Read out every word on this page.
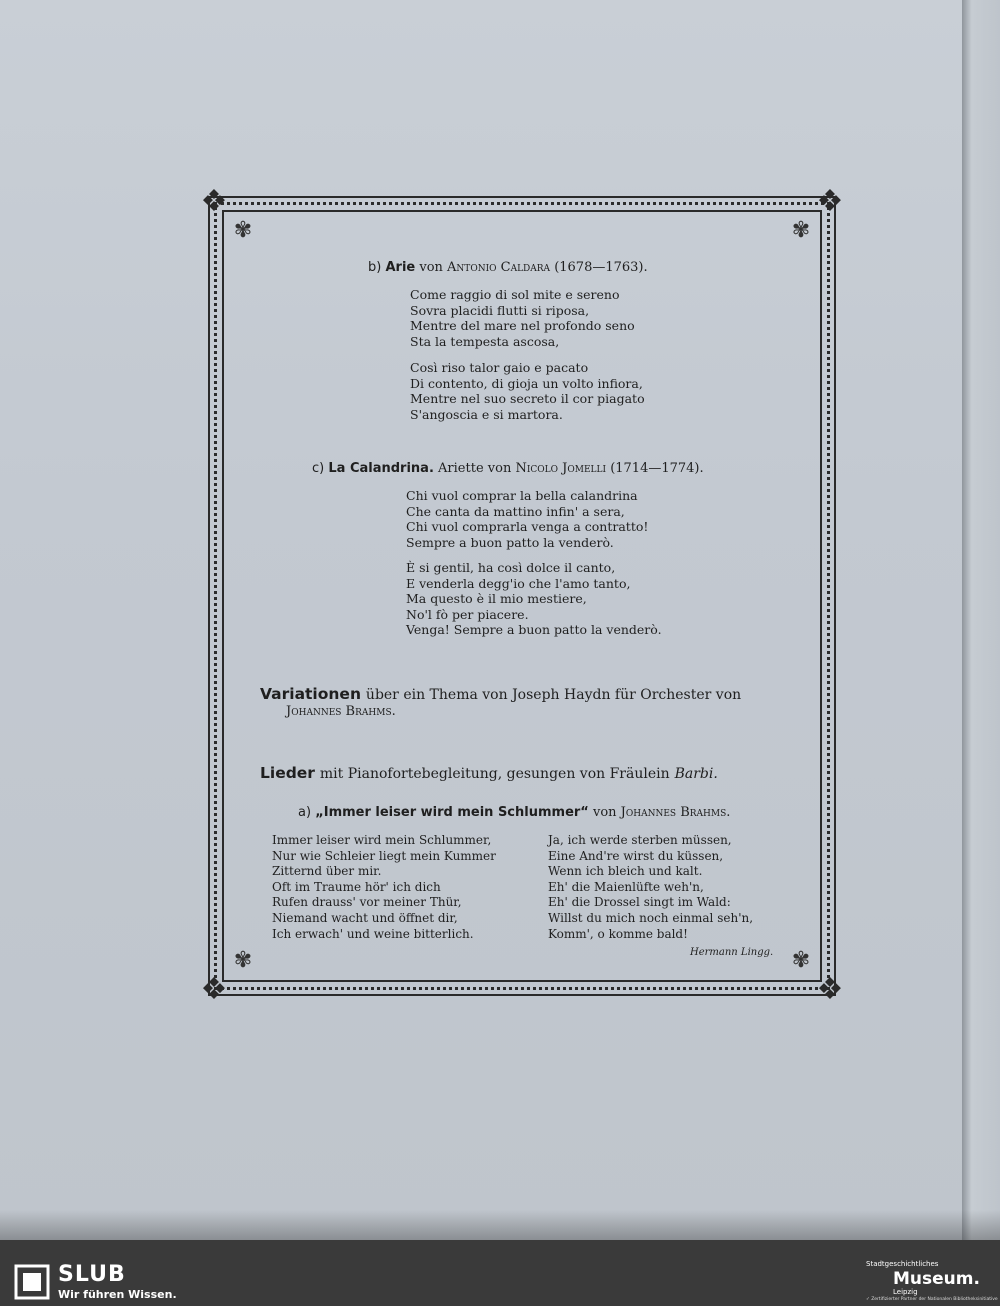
❖	❖
❖	❖
✾	✾
✾	✾
b) Arie von Antonio Caldara (1678—1763).
Come raggio di sol mite e sereno
Sovra placidi flutti si riposa,
Mentre del mare nel profondo seno
Sta la tempesta ascosa,
Così riso talor gaio e pacato
Di contento, di gioja un volto infiora,
Mentre nel suo secreto il cor piagato
S'angoscia e si martora.
c) La Calandrina. Ariette von Nicolo Jomelli (1714—1774).
Chi vuol comprar la bella calandrina
Che canta da mattino infin' a sera,
Chi vuol comprarla venga a contratto!
Sempre a buon patto la venderò.
È si gentil, ha così dolce il canto,
E venderla degg'io che l'amo tanto,
Ma questo è il mio mestiere,
No'l fò per piacere.
Venga! Sempre a buon patto la venderò.
Variationen über ein Thema von Joseph Haydn für Orchester von
Johannes Brahms.
Lieder mit Pianofortebegleitung, gesungen von Fräulein Barbi.
a) „Immer leiser wird mein Schlummer“ von Johannes Brahms.
Immer leiser wird mein Schlummer,
Nur wie Schleier liegt mein Kummer
Zitternd über mir.
Oft im Traume hör' ich dich
Rufen drauss' vor meiner Thür,
Niemand wacht und öffnet dir,
Ich erwach' und weine bitterlich.
Ja, ich werde sterben müssen,
Eine And're wirst du küssen,
Wenn ich bleich und kalt.
Eh' die Maienlüfte weh'n,
Eh' die Drossel singt im Wald:
Willst du mich noch einmal seh'n,
Komm', o komme bald!
Hermann Lingg.
SLUB
Wir führen Wissen.
Stadtgeschichtliches
Museum.
Leipzig
✓ Zertifizierter Partner der Nationalen Bibliotheksinitiative
